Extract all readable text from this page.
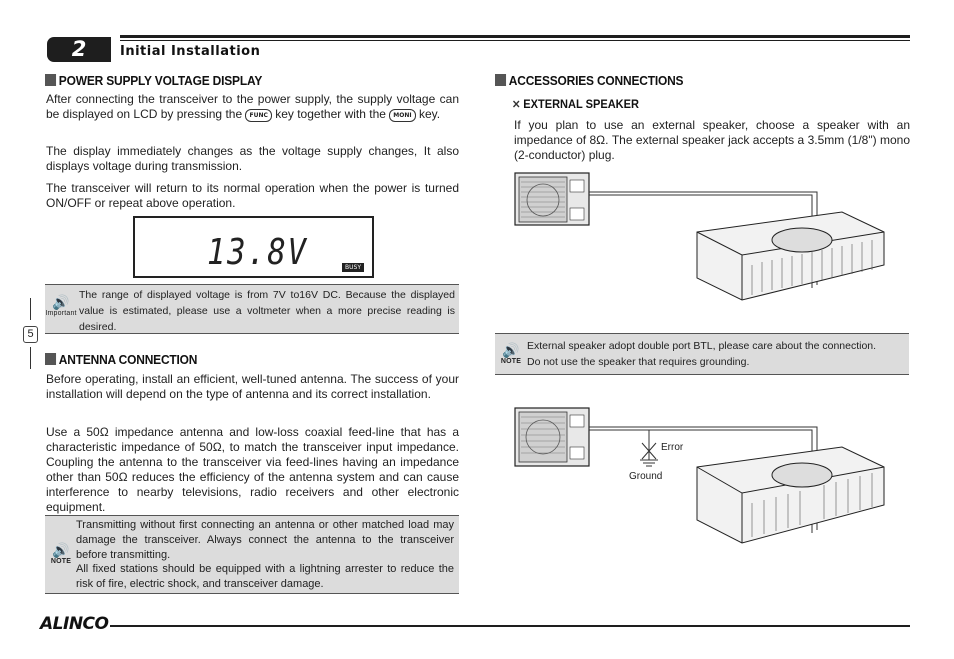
2	Initial Installation
POWER SUPPLY VOLTAGE DISPLAY
After connecting the transceiver to the power supply, the supply voltage can be displayed on LCD by pressing the FUNC key together with the MONI key.
The display immediately changes as the voltage supply changes, It also displays voltage during transmission.
The transceiver will return to its normal operation when the power is turned ON/OFF or repeat above operation.
13.8V	BUSY
🔊
Important
The range of displayed voltage is from 7V to16V DC. Because the displayed value is estimated, please use a voltmeter when a more precise reading is desired.
5
ANTENNA CONNECTION
Before operating, install an efficient, well-tuned antenna. The success of your installation will depend on the type of antenna and its correct installation.
Use a 50Ω impedance antenna and low-loss coaxial feed-line that has a characteristic impedance of 50Ω, to match the transceiver input impedance. Coupling the antenna to the transceiver via feed-lines having an impedance other than 50Ω reduces the efficiency of the antenna system and can cause interference to nearby televisions, radio receivers and other electronic equipment.
🔊
NOTE
Transmitting without first connecting an antenna or other matched load may damage the transceiver. Always connect the antenna to the transceiver before transmitting.
All fixed stations should be equipped with a lightning arrester to reduce the risk of fire, electric shock, and transceiver damage.
ACCESSORIES CONNECTIONS
✕ EXTERNAL SPEAKER
If you plan to use an external speaker, choose a speaker with an impedance of 8Ω. The external speaker jack accepts a 3.5mm (1/8") mono (2-conductor) plug.
🔊
NOTE
External speaker adopt double port BTL, please care about the connection.
Do not use the speaker that requires grounding.
Error
Ground
ALINCO
